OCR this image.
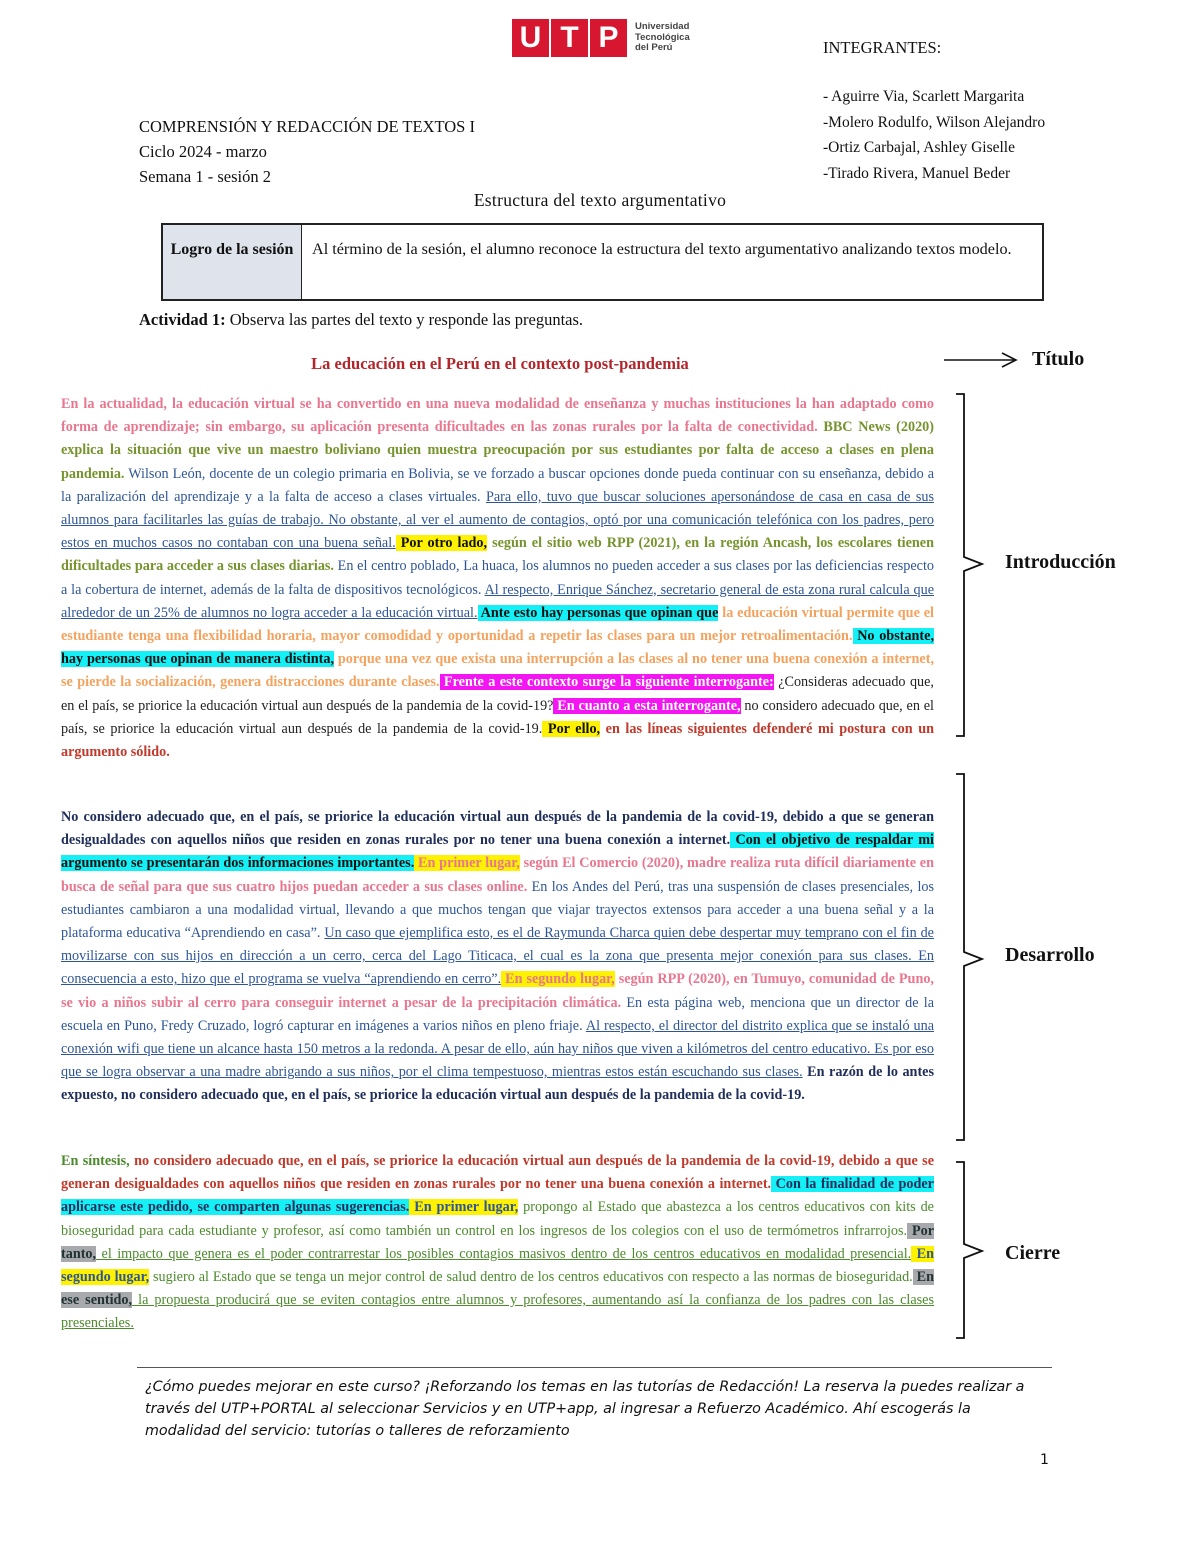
U T P	Universidad
Tecnológica
del Perú	INTEGRANTES:
- Aguirre Via, Scarlett Margarita
-Molero Rodulfo, Wilson Alejandro
-Ortiz Carbajal, Ashley Giselle
-Tirado Rivera, Manuel Beder
COMPRENSIÓN Y REDACCIÓN DE TEXTOS I
Ciclo 2024 - marzo
Semana 1 - sesión 2
Estructura del texto argumentativo
Logro de la sesión	Al término de la sesión, el alumno reconoce la estructura del texto argumentativo analizando textos modelo.
Actividad 1: Observa las partes del texto y responde las preguntas.
La educación en el Perú en el contexto post-pandemia	Título
Introducción
Desarrollo
Cierre
En la actualidad, la educación virtual se ha convertido en una nueva modalidad de enseñanza y muchas instituciones la han adaptado como forma de aprendizaje; sin embargo, su aplicación presenta dificultades en las zonas rurales por la falta de conectividad. BBC News (2020) explica la situación que vive un maestro boliviano quien muestra preocupación por sus estudiantes por falta de acceso a clases en plena pandemia. Wilson León, docente de un colegio primaria en Bolivia, se ve forzado a buscar opciones donde pueda continuar con su enseñanza, debido a la paralización del aprendizaje y a la falta de acceso a clases virtuales. Para ello, tuvo que buscar soluciones apersonándose de casa en casa de sus alumnos para facilitarles las guías de trabajo. No obstante, al ver el aumento de contagios, optó por una comunicación telefónica con los padres, pero estos en muchos casos no contaban con una buena señal. Por otro lado, según el sitio web RPP (2021), en la región Ancash, los escolares tienen dificultades para acceder a sus clases diarias. En el centro poblado, La huaca, los alumnos no pueden acceder a sus clases por las deficiencias respecto a la cobertura de internet, además de la falta de dispositivos tecnológicos. Al respecto, Enrique Sánchez, secretario general de esta zona rural calcula que alrededor de un 25% de alumnos no logra acceder a la educación virtual. Ante esto hay personas que opinan que la educación virtual permite que el estudiante tenga una flexibilidad horaria, mayor comodidad y oportunidad a repetir las clases para un mejor retroalimentación. No obstante, hay personas que opinan de manera distinta, porque una vez que exista una interrupción a las clases al no tener una buena conexión a internet, se pierde la socialización, genera distracciones durante clases. Frente a este contexto surge la siguiente interrogante: ¿Consideras adecuado que, en el país, se priorice la educación virtual aun después de la pandemia de la covid-19? En cuanto a esta interrogante, no considero adecuado que, en el país, se priorice la educación virtual aun después de la pandemia de la covid-19. Por ello, en las líneas siguientes defenderé mi postura con un argumento sólido.
No considero adecuado que, en el país, se priorice la educación virtual aun después de la pandemia de la covid-19, debido a que se generan desigualdades con aquellos niños que residen en zonas rurales por no tener una buena conexión a internet. Con el objetivo de respaldar mi argumento se presentarán dos informaciones importantes. En primer lugar, según El Comercio (2020), madre realiza ruta difícil diariamente en busca de señal para que sus cuatro hijos puedan acceder a sus clases online. En los Andes del Perú, tras una suspensión de clases presenciales, los estudiantes cambiaron a una modalidad virtual, llevando a que muchos tengan que viajar trayectos extensos para acceder a una buena señal y a la plataforma educativa “Aprendiendo en casa”. Un caso que ejemplifica esto, es el de Raymunda Charca quien debe despertar muy temprano con el fin de movilizarse con sus hijos en dirección a un cerro, cerca del Lago Titicaca, el cual es la zona que presenta mejor conexión para sus clases. En consecuencia a esto, hizo que el programa se vuelva “aprendiendo en cerro”. En segundo lugar, según RPP (2020), en Tumuyo, comunidad de Puno, se vio a niños subir al cerro para conseguir internet a pesar de la precipitación climática. En esta página web, menciona que un director de la escuela en Puno, Fredy Cruzado, logró capturar en imágenes a varios niños en pleno friaje. Al respecto, el director del distrito explica que se instaló una conexión wifi que tiene un alcance hasta 150 metros a la redonda. A pesar de ello, aún hay niños que viven a kilómetros del centro educativo. Es por eso que se logra observar a una madre abrigando a sus niños, por el clima tempestuoso, mientras estos están escuchando sus clases. En razón de lo antes expuesto, no considero adecuado que, en el país, se priorice la educación virtual aun después de la pandemia de la covid-19.
En síntesis, no considero adecuado que, en el país, se priorice la educación virtual aun después de la pandemia de la covid-19, debido a que se generan desigualdades con aquellos niños que residen en zonas rurales por no tener una buena conexión a internet. Con la finalidad de poder aplicarse este pedido, se comparten algunas sugerencias. En primer lugar, propongo al Estado que abastezca a los centros educativos con kits de bioseguridad para cada estudiante y profesor, así como también un control en los ingresos de los colegios con el uso de termómetros infrarrojos. Por tanto, el impacto que genera es el poder contrarrestar los posibles contagios masivos dentro de los centros educativos en modalidad presencial. En segundo lugar, sugiero al Estado que se tenga un mejor control de salud dentro de los centros educativos con respecto a las normas de bioseguridad. En ese sentido, la propuesta producirá que se eviten contagios entre alumnos y profesores, aumentando así la confianza de los padres con las clases presenciales.
¿Cómo puedes mejorar en este curso? ¡Reforzando los temas en las tutorías de Redacción! La reserva la puedes realizar a través del UTP+PORTAL al seleccionar Servicios y en UTP+app, al ingresar a Refuerzo Académico. Ahí escogerás la modalidad del servicio: tutorías o talleres de reforzamiento
1
